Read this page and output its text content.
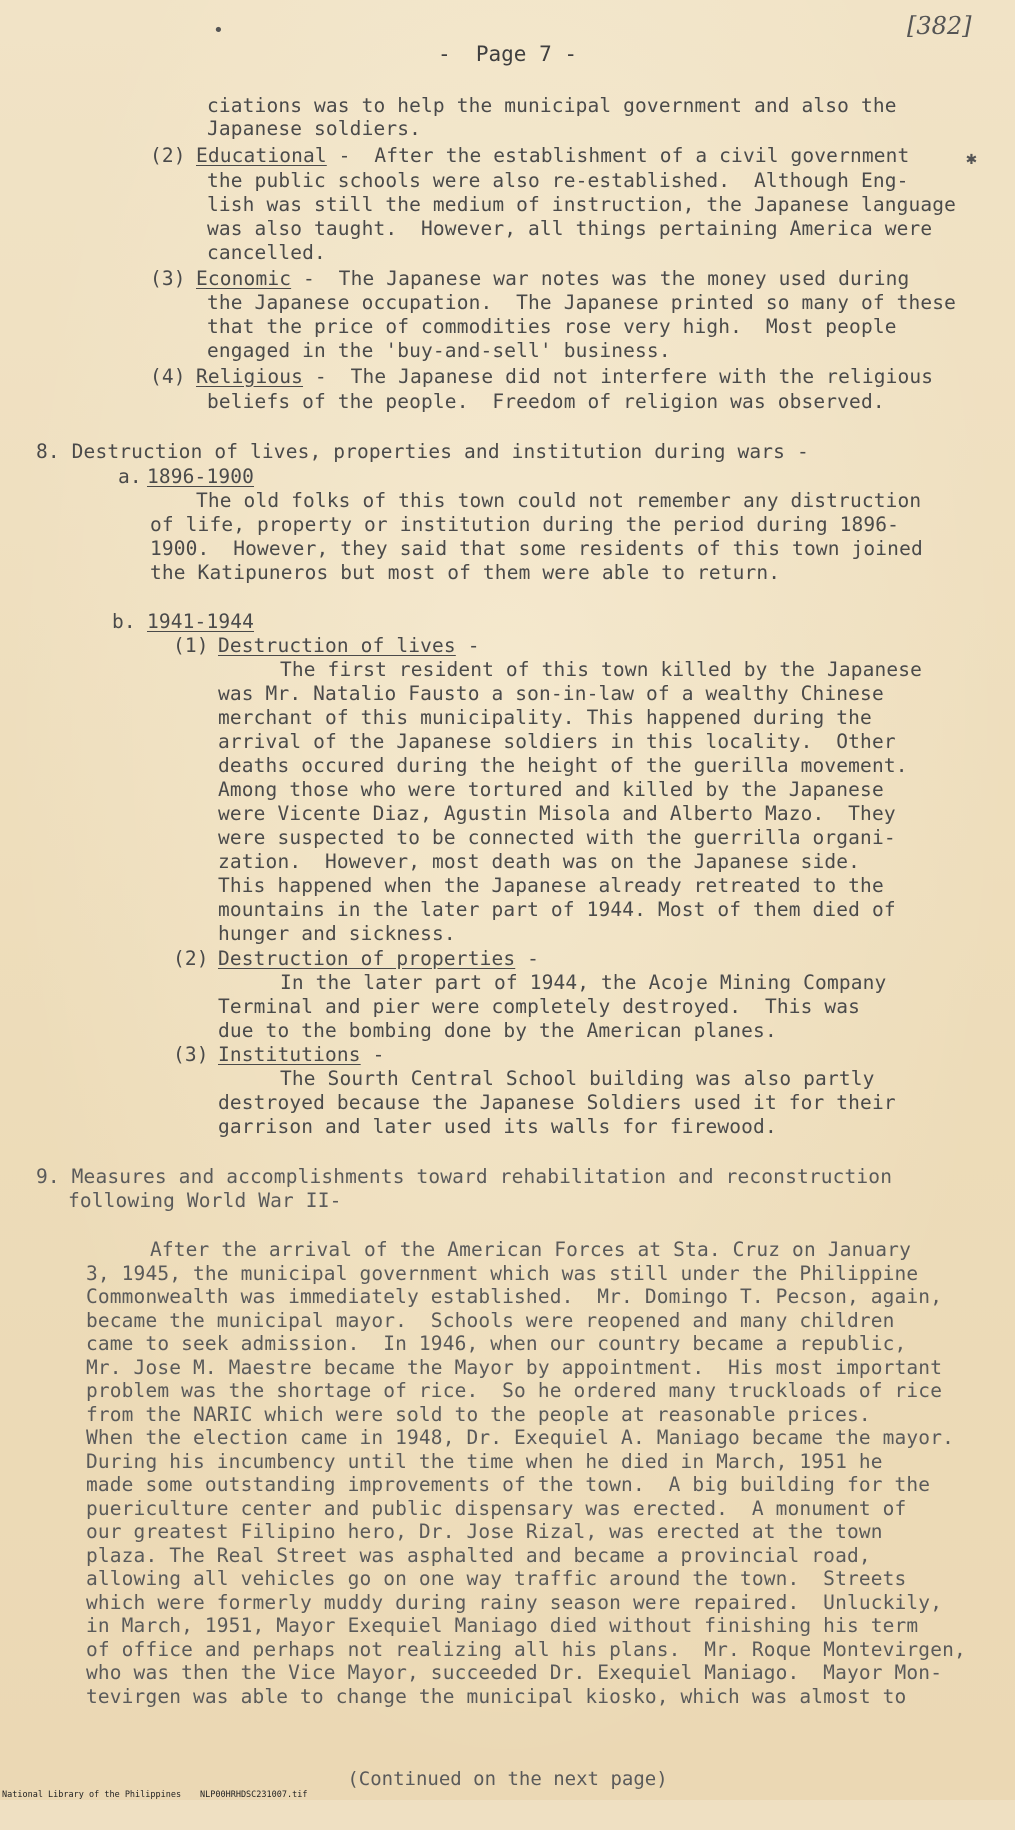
-  Page 7 -
[382]
•
✱
ciations was to help the municipal government and also the
Japanese soldiers.
(2) Educational -  After the establishment of a civil government
the public schools were also re-established.  Although Eng-
lish was still the medium of instruction, the Japanese language
was also taught.  However, all things pertaining America were
cancelled.
(3) Economic -  The Japanese war notes was the money used during
the Japanese occupation.  The Japanese printed so many of these
that the price of commodities rose very high.  Most people
engaged in the 'buy-and-sell' business.
(4) Religious -  The Japanese did not interfere with the religious
beliefs of the people.  Freedom of religion was observed.
8. Destruction of lives, properties and institution during wars -
a. 1896-1900
The old folks of this town could not remember any distruction
of life, property or institution during the period during 1896-
1900.  However, they said that some residents of this town joined
the Katipuneros but most of them were able to return.
b. 1941-1944
(1) Destruction of lives -
The first resident of this town killed by the Japanese
was Mr. Natalio Fausto a son-in-law of a wealthy Chinese
merchant of this municipality. This happened during the
arrival of the Japanese soldiers in this locality.  Other
deaths occured during the height of the guerilla movement.
Among those who were tortured and killed by the Japanese
were Vicente Diaz, Agustin Misola and Alberto Mazo.  They
were suspected to be connected with the guerrilla organi-
zation.  However, most death was on the Japanese side.
This happened when the Japanese already retreated to the
mountains in the later part of 1944. Most of them died of
hunger and sickness.
(2) Destruction of properties -
In the later part of 1944, the Acoje Mining Company
Terminal and pier were completely destroyed.  This was
due to the bombing done by the American planes.
(3) Institutions -
The Sourth Central School building was also partly
destroyed because the Japanese Soldiers used it for their
garrison and later used its walls for firewood.
9. Measures and accomplishments toward rehabilitation and reconstruction
following World War II-
After the arrival of the American Forces at Sta. Cruz on January
3, 1945, the municipal government which was still under the Philippine
Commonwealth was immediately established.  Mr. Domingo T. Pecson, again,
became the municipal mayor.  Schools were reopened and many children
came to seek admission.  In 1946, when our country became a republic,
Mr. Jose M. Maestre became the Mayor by appointment.  His most important
problem was the shortage of rice.  So he ordered many truckloads of rice
from the NARIC which were sold to the people at reasonable prices.
When the election came in 1948, Dr. Exequiel A. Maniago became the mayor.
During his incumbency until the time when he died in March, 1951 he
made some outstanding improvements of the town.  A big building for the
puericulture center and public dispensary was erected.  A monument of
our greatest Filipino hero, Dr. Jose Rizal, was erected at the town
plaza. The Real Street was asphalted and became a provincial road,
allowing all vehicles go on one way traffic around the town.  Streets
which were formerly muddy during rainy season were repaired.  Unluckily,
in March, 1951, Mayor Exequiel Maniago died without finishing his term
of office and perhaps not realizing all his plans.  Mr. Roque Montevirgen,
who was then the Vice Mayor, succeeded Dr. Exequiel Maniago.  Mayor Mon-
tevirgen was able to change the municipal kiosko, which was almost to
(Continued on the next page)

National Library of the Philippines

NLP00HRHDSC231007.tif
